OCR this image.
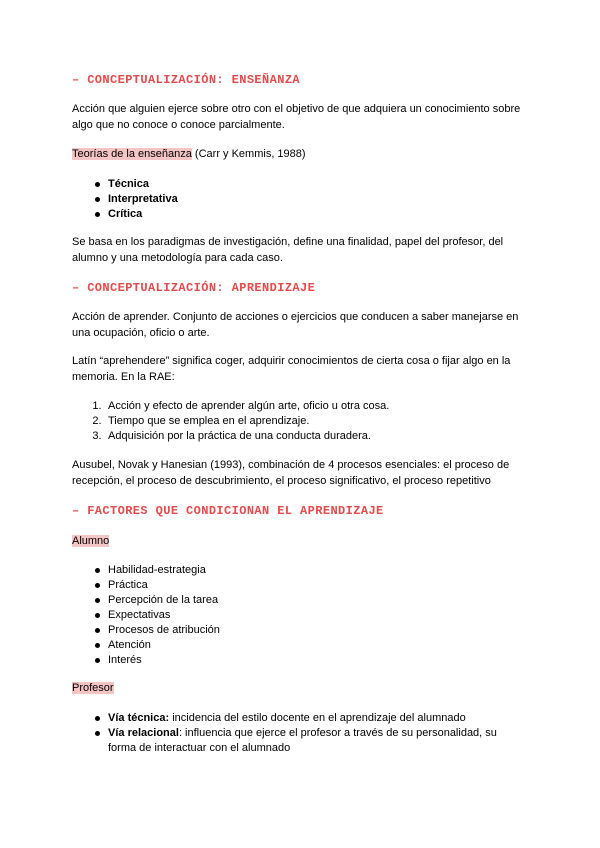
– CONCEPTUALIZACIÓN: ENSEÑANZA
Acción que alguien ejerce sobre otro con el objetivo de que adquiera un conocimiento sobre algo que no conoce o conoce parcialmente.
Teorías de la enseñanza (Carr y Kemmis, 1988)
Técnica
Interpretativa
Crítica
Se basa en los paradigmas de investigación, define una finalidad, papel del profesor, del alumno y una metodología para cada caso.
– CONCEPTUALIZACIÓN: APRENDIZAJE
Acción de aprender. Conjunto de acciones o ejercicios que conducen a saber manejarse en una ocupación, oficio o arte.
Latín “aprehendere” significa coger, adquirir conocimientos de cierta cosa o fijar algo en la memoria. En la RAE:
1. Acción y efecto de aprender algún arte, oficio u otra cosa.
2. Tiempo que se emplea en el aprendizaje.
3. Adquisición por la práctica de una conducta duradera.
Ausubel, Novak y Hanesian (1993), combinación de 4 procesos esenciales: el proceso de recepción, el proceso de descubrimiento, el proceso significativo, el proceso repetitivo
– FACTORES QUE CONDICIONAN EL APRENDIZAJE
Alumno
Habilidad-estrategia
Práctica
Percepción de la tarea
Expectativas
Procesos de atribución
Atención
Interés
Profesor
Vía técnica: incidencia del estilo docente en el aprendizaje del alumnado
Vía relacional: influencia que ejerce el profesor a través de su personalidad, su forma de interactuar con el alumnado
